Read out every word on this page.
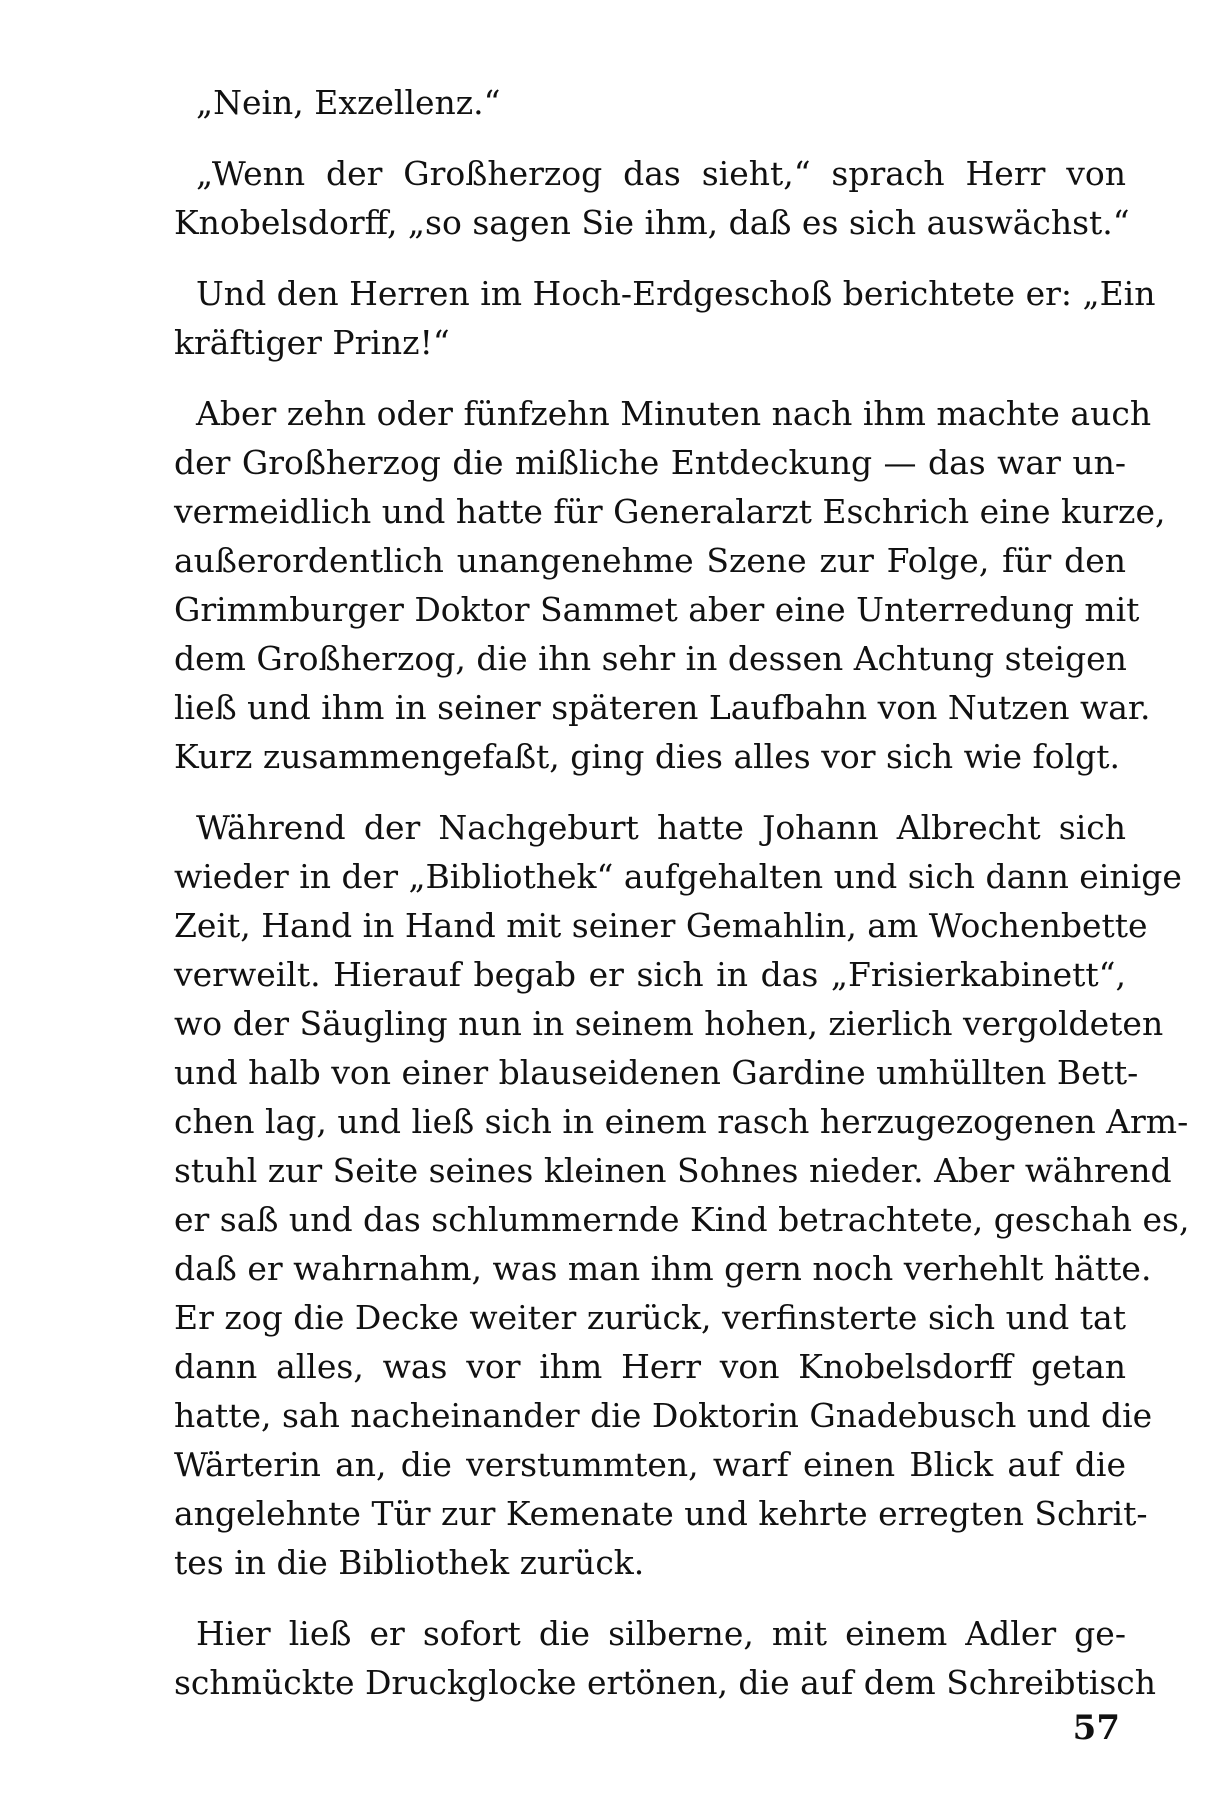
„Nein, Exzellenz.“
„Wenn der Großherzog das sieht,“ sprach Herr von
Knobelsdorff, „so sagen Sie ihm, daß es sich auswächst.“
Und den Herren im Hoch-Erdgeschoß berichtete er: „Ein
kräftiger Prinz!“
Aber zehn oder fünfzehn Minuten nach ihm machte auch
der Großherzog die mißliche Entdeckung — das war un-
vermeidlich und hatte für Generalarzt Eschrich eine kurze,
außerordentlich unangenehme Szene zur Folge, für den
Grimmburger Doktor Sammet aber eine Unterredung mit
dem Großherzog, die ihn sehr in dessen Achtung steigen
ließ und ihm in seiner späteren Laufbahn von Nutzen war.
Kurz zusammengefaßt, ging dies alles vor sich wie folgt.
Während der Nachgeburt hatte Johann Albrecht sich
wieder in der „Bibliothek“ aufgehalten und sich dann einige
Zeit, Hand in Hand mit seiner Gemahlin, am Wochenbette
verweilt. Hierauf begab er sich in das „Frisierkabinett“,
wo der Säugling nun in seinem hohen, zierlich vergoldeten
und halb von einer blauseidenen Gardine umhüllten Bett-
chen lag, und ließ sich in einem rasch herzugezogenen Arm-
stuhl zur Seite seines kleinen Sohnes nieder. Aber während
er saß und das schlummernde Kind betrachtete, geschah es,
daß er wahrnahm, was man ihm gern noch verhehlt hätte.
Er zog die Decke weiter zurück, verfinsterte sich und tat
dann alles, was vor ihm Herr von Knobelsdorff getan
hatte, sah nacheinander die Doktorin Gnadebusch und die
Wärterin an, die verstummten, warf einen Blick auf die
angelehnte Tür zur Kemenate und kehrte erregten Schrit-
tes in die Bibliothek zurück.
Hier ließ er sofort die silberne, mit einem Adler ge-
schmückte Druckglocke ertönen, die auf dem Schreibtisch
57
